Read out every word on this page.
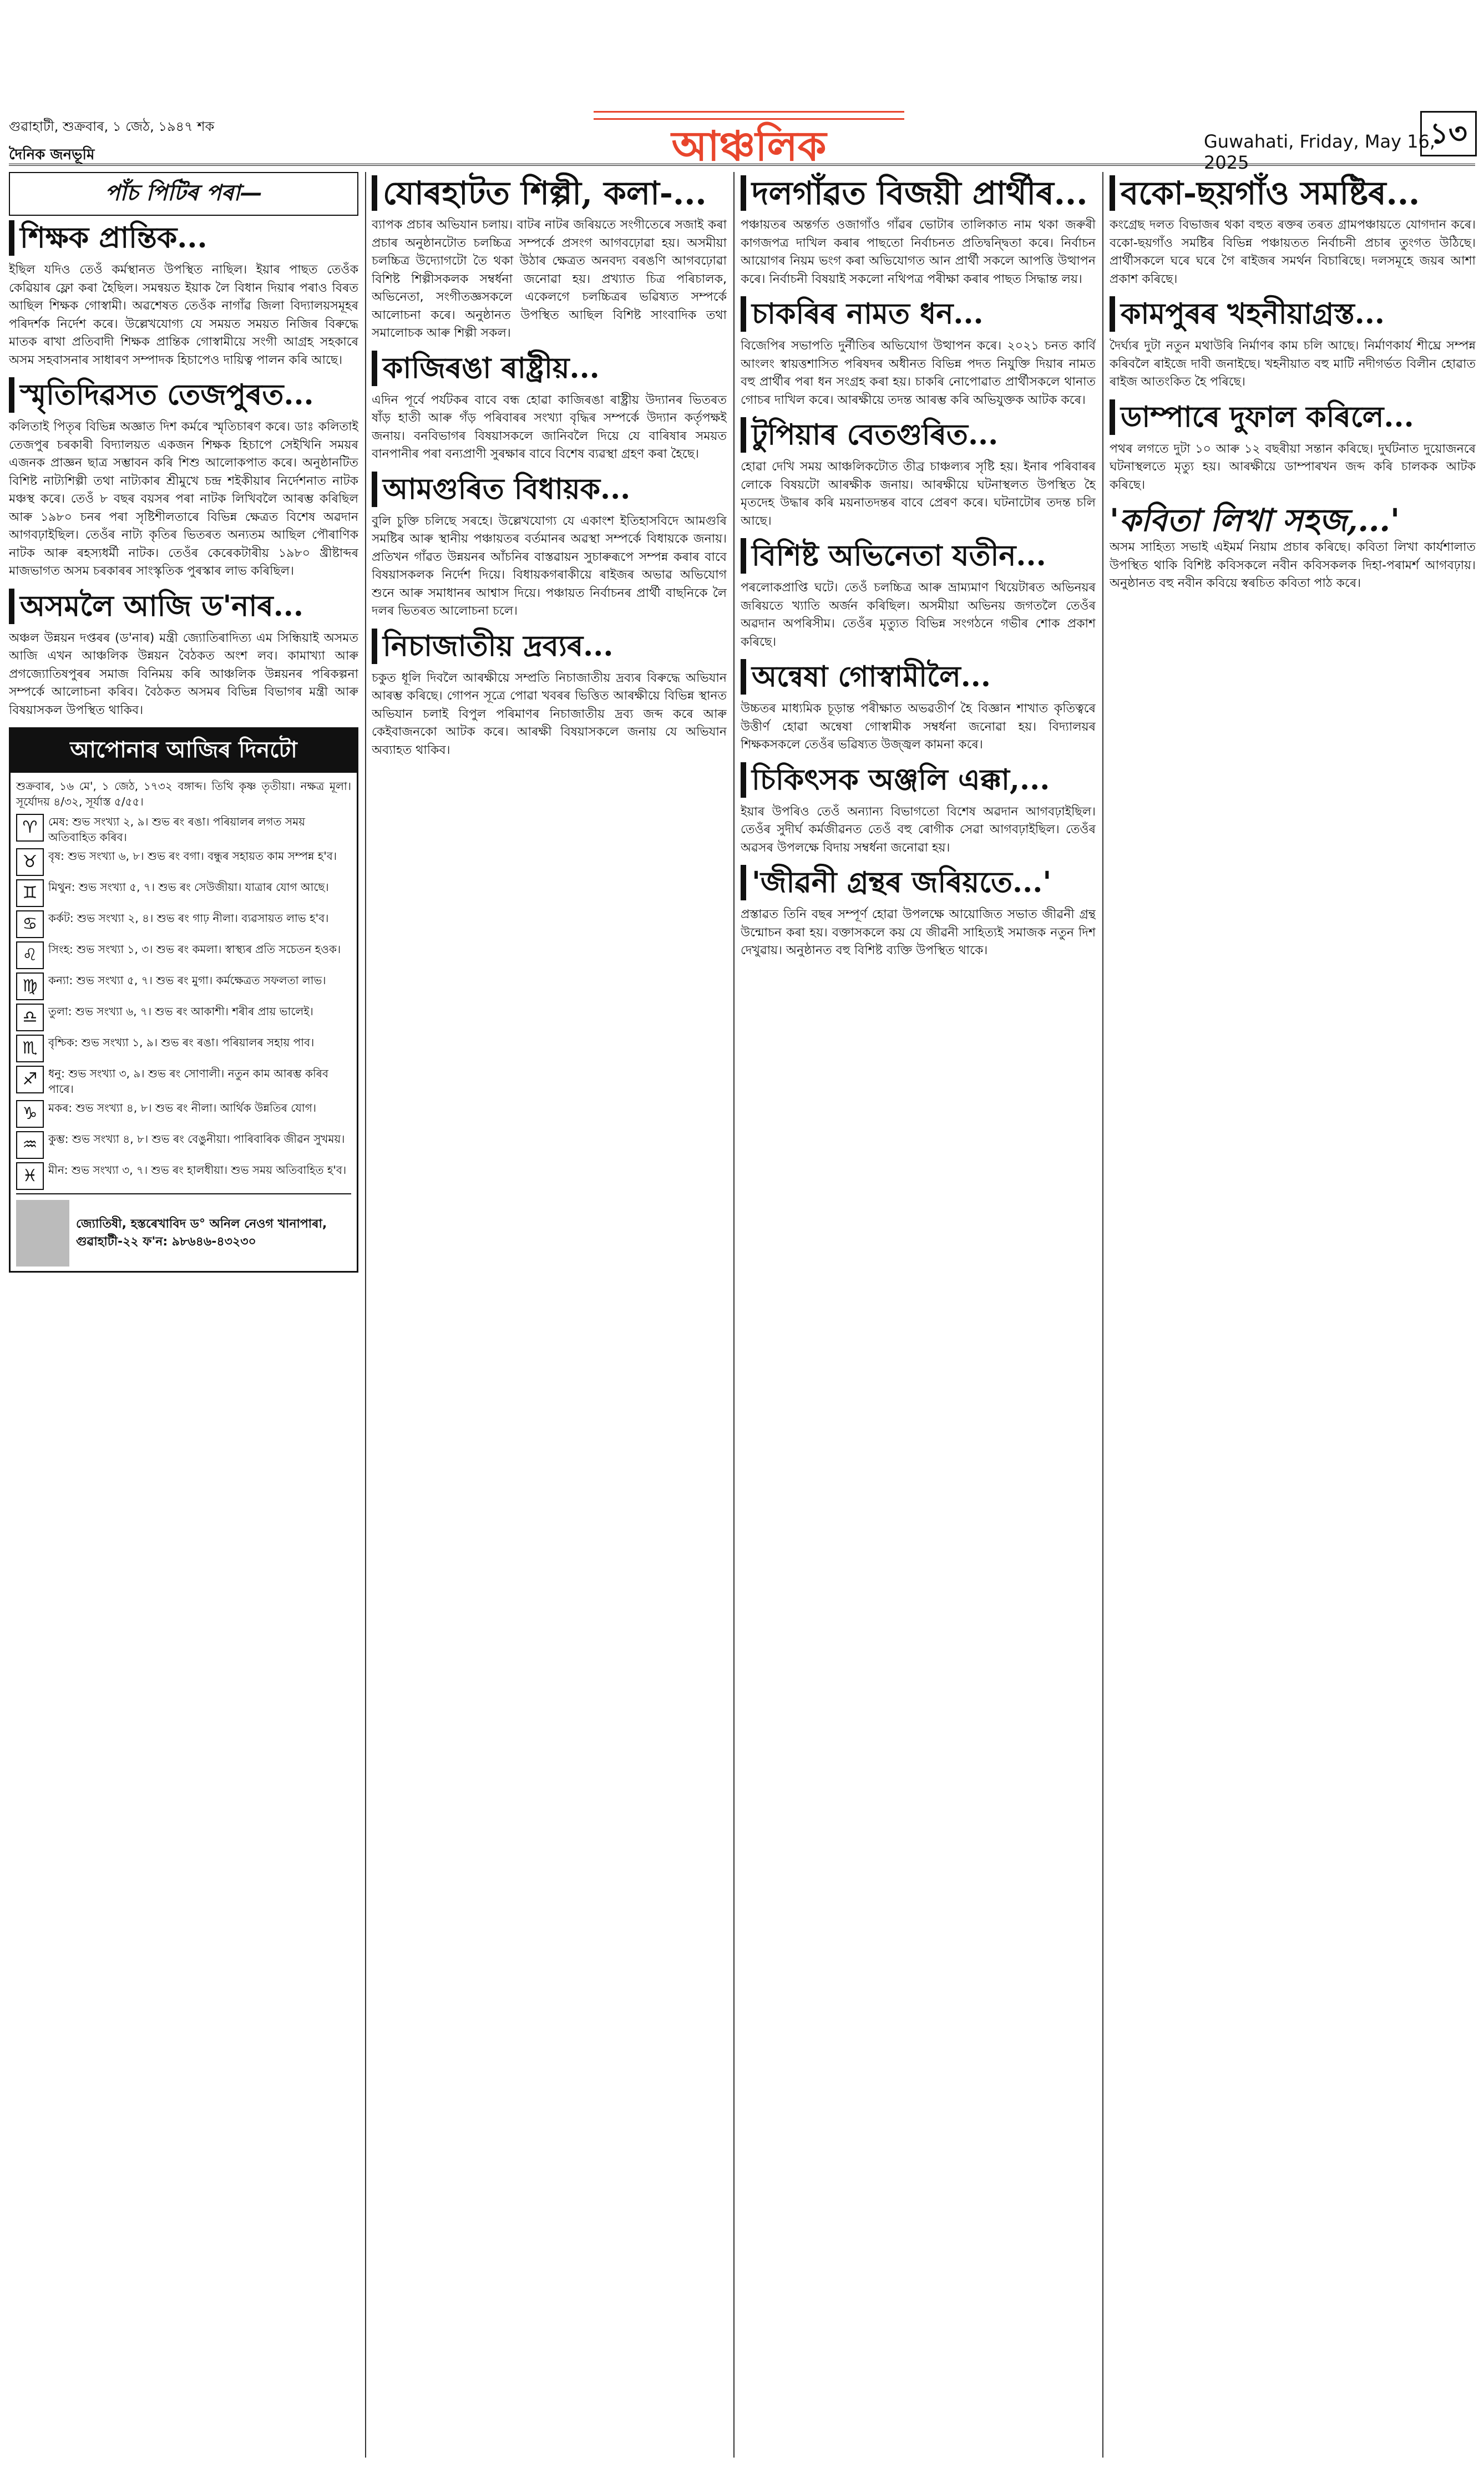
গুৱাহাটী, শুক্ৰবাৰ, ১ জেঠ, ১৯৪৭ শক
দৈনিক জনভূমি	আঞ্চলিক	Guwahati, Friday, May 16, 2025
১৩
পাঁচ পিটিৰ পৰা—
শিক্ষক প্ৰান্তিক...
ইছিল যদিও তেওঁ কৰ্মস্থানত উপস্থিত নাছিল। ইয়াৰ পাছত তেওঁক কেৱিয়াৰ ফ্লো কৰা হৈছিল। সমন্বয়ত ইয়াক লৈ বিধান দিয়াৰ পৰাও বিৰত আছিল শিক্ষক গোস্বামী। অৱশেষত তেওঁক নাগাঁৱ জিলা বিদ্যালয়সমূহৰ পৰিদৰ্শক নিৰ্দেশ কৰে। উল্লেখযোগ্য যে সময়ত সময়ত নিজিৰ বিৰুদ্ধে মাতক ৰাখা প্ৰতিবাদী শিক্ষক প্ৰান্তিক গোস্বামীয়ে সংগী আগ্ৰহ সহকাৰে অসম সহবাসনাৰ সাধাৰণ সম্পাদক হিচাপেও দায়িত্ব পালন কৰি আছে।
স্মৃতিদিৱসত তেজপুৰত...
কলিতাই পিতৃৰ বিভিন্ন অজ্ঞাত দিশ কৰ্মৰে স্মৃতিচাৰণ কৰে। ডাঃ কলিতাই তেজপুৰ চৰকাৰী বিদ্যালয়ত একজন শিক্ষক হিচাপে সেইখিনি সময়ৰ এজনক প্ৰাজ্ঞন ছাত্ৰ সম্ভাবন কৰি শিশু আলোকপাত কৰে। অনুষ্ঠানটিত বিশিষ্ট নাট্যশিল্পী তথা নাট্যকাৰ শ্ৰীমুখে চন্দ্ৰ শইকীয়াৰ নিৰ্দেশনাত নাটক মঞ্চস্থ কৰে। তেওঁ ৮ বছৰ বয়সৰ পৰা নাটক লিখিবলৈ আৰম্ভ কৰিছিল আৰু ১৯৮০ চনৰ পৰা সৃষ্টিশীলতাৰে বিভিন্ন ক্ষেত্ৰত বিশেষ অৱদান আগবঢ়াইছিল। তেওঁৰ নাট্য কৃতিৰ ভিতৰত অন্যতম আছিল পৌৰাণিক নাটক আৰু ৰহস্যধৰ্মী নাটক। তেওঁৰ কেৰেকটাৰীয় ১৯৮০ খ্ৰীষ্টাব্দৰ মাজভাগত অসম চৰকাৰৰ সাংস্কৃতিক পুৰস্কাৰ লাভ কৰিছিল।
অসমলৈ আজি ড'নাৰ...
অঞ্চল উন্নয়ন দপ্তৰৰ (ড'নাৰ) মন্ত্ৰী জ্যোতিৰাদিত্য এম সিন্ধিয়াই অসমত আজি এখন আঞ্চলিক উন্নয়ন বৈঠকত অংশ লব। কামাখ্যা আৰু প্ৰগজ্যোতিষপুৰৰ সমাজ বিনিময় কৰি আঞ্চলিক উন্নয়নৰ পৰিকল্পনা সম্পৰ্কে আলোচনা কৰিব। বৈঠকত অসমৰ বিভিন্ন বিভাগৰ মন্ত্ৰী আৰু বিষয়াসকল উপস্থিত থাকিব।
আপোনাৰ আজিৰ দিনটো
শুক্ৰবাৰ, ১৬ মে', ১ জেঠ, ১৭৩২ বঙ্গাব্দ। তিথি কৃষ্ণ তৃতীয়া। নক্ষত্ৰ মূলা। সূৰ্যোদয় ৪/৩২, সূৰ্যাস্ত ৫/৫৫।
♈ মেষ: শুভ সংখ্যা ২, ৯। শুভ ৰং ৰঙা। পৰিয়ালৰ লগত সময় অতিবাহিত কৰিব।
♉ বৃষ: শুভ সংখ্যা ৬, ৮। শুভ ৰং বগা। বন্ধুৰ সহায়ত কাম সম্পন্ন হ'ব।
♊ মিথুন: শুভ সংখ্যা ৫, ৭। শুভ ৰং সেউজীয়া। যাত্ৰাৰ যোগ আছে।
♋ কৰ্কট: শুভ সংখ্যা ২, ৪। শুভ ৰং গাঢ় নীলা। ব্যৱসায়ত লাভ হ'ব।
♌ সিংহ: শুভ সংখ্যা ১, ৩। শুভ ৰং কমলা। স্বাস্থ্যৰ প্ৰতি সচেতন হওক।
♍ কন্যা: শুভ সংখ্যা ৫, ৭। শুভ ৰং মুগা। কৰ্মক্ষেত্ৰত সফলতা লাভ।
♎ তুলা: শুভ সংখ্যা ৬, ৭। শুভ ৰং আকাশী। শৰীৰ প্ৰায় ভালেই।
♏ বৃশ্চিক: শুভ সংখ্যা ১, ৯। শুভ ৰং ৰঙা। পৰিয়ালৰ সহায় পাব।
♐ ধনু: শুভ সংখ্যা ৩, ৯। শুভ ৰং সোণালী। নতুন কাম আৰম্ভ কৰিব পাৰে।
♑ মকৰ: শুভ সংখ্যা ৪, ৮। শুভ ৰং নীলা। আৰ্থিক উন্নতিৰ যোগ।
♒ কুম্ভ: শুভ সংখ্যা ৪, ৮। শুভ ৰং বেঙুনীয়া। পাৰিবাৰিক জীৱন সুখময়।
♓ মীন: শুভ সংখ্যা ৩, ৭। শুভ ৰং হালধীয়া। শুভ সময় অতিবাহিত হ'ব।
জ্যোতিষী, হস্তৰেখাবিদ ড° অনিল নেওগ খানাপাৰা, গুৱাহাটী-২২ ফ'ন: ৯৮৬৪৬-৪৩২৩০
যোৰহাটত শিল্পী, কলা-...
ব্যাপক প্ৰচাৰ অভিযান চলায়। বাটৰ নাটৰ জৰিয়তে সংগীতেৰে সজাই কৰা প্ৰচাৰ অনুষ্ঠানটোত চলচ্চিত্ৰ সম্পৰ্কে প্ৰসংগ আগবঢ়োৱা হয়। অসমীয়া চলচ্চিত্ৰ উদ্যোগটো তৈ থকা উঠাৰ ক্ষেত্ৰত অনবদ্য বৰঙণি আগবঢ়োৱা বিশিষ্ট শিল্পীসকলক সম্বৰ্ধনা জনোৱা হয়। প্ৰখ্যাত চিত্ৰ পৰিচালক, অভিনেতা, সংগীতজ্ঞসকলে একেলগে চলচ্চিত্ৰৰ ভৱিষ্যত সম্পৰ্কে আলোচনা কৰে। অনুষ্ঠানত উপস্থিত আছিল বিশিষ্ট সাংবাদিক তথা সমালোচক আৰু শিল্পী সকল।
কাজিৰঙা ৰাষ্ট্ৰীয়...
এদিন পূৰ্বে পৰ্যটকৰ বাবে বন্ধ হোৱা কাজিৰঙা ৰাষ্ট্ৰীয় উদ্যানৰ ভিতৰত ষাঁড় হাতী আৰু গঁড় পৰিবাৰৰ সংখ্যা বৃদ্ধিৰ সম্পৰ্কে উদ্যান কৰ্তৃপক্ষই জনায়। বনবিভাগৰ বিষয়াসকলে জানিবলৈ দিয়ে যে বাৰিষাৰ সময়ত বানপানীৰ পৰা বন্যপ্ৰাণী সুৰক্ষাৰ বাবে বিশেষ ব্যৱস্থা গ্ৰহণ কৰা হৈছে।
আমগুৰিত বিধায়ক...
বুলি চুক্তি চলিছে সৰহে। উল্লেখযোগ্য যে একাংশ ইতিহাসবিদে আমগুৰি সমষ্টিৰ আৰু স্থানীয় পঞ্চায়তৰ বৰ্তমানৰ অৱস্থা সম্পৰ্কে বিধায়কে জনায়। প্ৰতিখন গাঁৱত উন্নয়নৰ আঁচনিৰ বাস্তৱায়ন সুচাৰুৰূপে সম্পন্ন কৰাৰ বাবে বিষয়াসকলক নিৰ্দেশ দিয়ে। বিধায়কগৰাকীয়ে ৰাইজৰ অভাৱ অভিযোগ শুনে আৰু সমাধানৰ আশ্বাস দিয়ে। পঞ্চায়ত নিৰ্বাচনৰ প্ৰাৰ্থী বাছনিকে লৈ দলৰ ভিতৰত আলোচনা চলে।
নিচাজাতীয় দ্ৰব্যৰ...
চকুত ধূলি দিবলৈ আৰক্ষীয়ে সম্প্ৰতি নিচাজাতীয় দ্ৰব্যৰ বিৰুদ্ধে অভিযান আৰম্ভ কৰিছে। গোপন সূত্ৰে পোৱা খবৰৰ ভিত্তিত আৰক্ষীয়ে বিভিন্ন স্থানত অভিযান চলাই বিপুল পৰিমাণৰ নিচাজাতীয় দ্ৰব্য জব্দ কৰে আৰু কেইবাজনকো আটক কৰে। আৰক্ষী বিষয়াসকলে জনায় যে অভিযান অব্যাহত থাকিব।
দলগাঁৱত বিজয়ী প্ৰাৰ্থীৰ...
পঞ্চায়তৰ অন্তৰ্গত ওজাগাঁও গাঁৱৰ ভোটাৰ তালিকাত নাম থকা জৰুৰী কাগজপত্ৰ দাখিল কৰাৰ পাছতো নিৰ্বাচনত প্ৰতিদ্বন্দ্বিতা কৰে। নিৰ্বাচন আয়োগৰ নিয়ম ভংগ কৰা অভিযোগত আন প্ৰাৰ্থী সকলে আপত্তি উত্থাপন কৰে। নিৰ্বাচনী বিষয়াই সকলো নথিপত্ৰ পৰীক্ষা কৰাৰ পাছত সিদ্ধান্ত লয়।
চাকৰিৰ নামত ধন...
বিজেপিৰ সভাপতি দুৰ্নীতিৰ অভিযোগ উত্থাপন কৰে। ২০২১ চনত কাৰ্বি আংলং স্বায়ত্তশাসিত পৰিষদৰ অধীনত বিভিন্ন পদত নিযুক্তি দিয়াৰ নামত বহু প্ৰাৰ্থীৰ পৰা ধন সংগ্ৰহ কৰা হয়। চাকৰি নোপোৱাত প্ৰাৰ্থীসকলে থানাত গোচৰ দাখিল কৰে। আৰক্ষীয়ে তদন্ত আৰম্ভ কৰি অভিযুক্তক আটক কৰে।
টুপিয়াৰ বেতগুৰিত...
হোৱা দেখি সময় আঞ্চলিকটোত তীব্ৰ চাঞ্চল্যৰ সৃষ্টি হয়। ইনাৰ পৰিবাৰৰ লোকে বিষয়টো আৰক্ষীক জনায়। আৰক্ষীয়ে ঘটনাস্থলত উপস্থিত হৈ মৃতদেহ উদ্ধাৰ কৰি ময়নাতদন্তৰ বাবে প্ৰেৰণ কৰে। ঘটনাটোৰ তদন্ত চলি আছে।
বিশিষ্ট অভিনেতা যতীন...
পৰলোকপ্ৰাপ্তি ঘটে। তেওঁ চলচ্চিত্ৰ আৰু ভ্ৰাম্যমাণ থিয়েটাৰত অভিনয়ৰ জৰিয়তে খ্যাতি অৰ্জন কৰিছিল। অসমীয়া অভিনয় জগতলৈ তেওঁৰ অৱদান অপৰিসীম। তেওঁৰ মৃত্যুত বিভিন্ন সংগঠনে গভীৰ শোক প্ৰকাশ কৰিছে।
অন্বেষা গোস্বামীলৈ...
উচ্চতৰ মাধ্যমিক চূড়ান্ত পৰীক্ষাত অভৱতীৰ্ণ হৈ বিজ্ঞান শাখাত কৃতিত্বৰে উত্তীৰ্ণ হোৱা অন্বেষা গোস্বামীক সম্বৰ্ধনা জনোৱা হয়। বিদ্যালয়ৰ শিক্ষকসকলে তেওঁৰ ভৱিষ্যত উজ্জ্বল কামনা কৰে।
চিকিৎসক অঞ্জলি এক্কা,...
ইয়াৰ উপৰিও তেওঁ অন্যান্য বিভাগতো বিশেষ অৱদান আগবঢ়াইছিল। তেওঁৰ সুদীৰ্ঘ কৰ্মজীৱনত তেওঁ বহু ৰোগীক সেৱা আগবঢ়াইছিল। তেওঁৰ অৱসৰ উপলক্ষে বিদায় সম্বৰ্ধনা জনোৱা হয়।
'জীৱনী গ্ৰন্থৰ জৰিয়তে...'
প্ৰস্তাৱত তিনি বছৰ সম্পূৰ্ণ হোৱা উপলক্ষে আয়োজিত সভাত জীৱনী গ্ৰন্থ উন্মোচন কৰা হয়। বক্তাসকলে কয় যে জীৱনী সাহিত্যই সমাজক নতুন দিশ দেখুৱায়। অনুষ্ঠানত বহু বিশিষ্ট ব্যক্তি উপস্থিত থাকে।
বকো-ছয়গাঁও সমষ্টিৰ...
কংগ্ৰেছ দলত বিভাজৰ থকা বহুত ৰক্তৰ তৰত গ্ৰামপঞ্চায়তে যোগদান কৰে। বকো-ছয়গাঁও সমষ্টিৰ বিভিন্ন পঞ্চায়তত নিৰ্বাচনী প্ৰচাৰ তুংগত উঠিছে। প্ৰাৰ্থীসকলে ঘৰে ঘৰে গৈ ৰাইজৰ সমৰ্থন বিচাৰিছে। দলসমূহে জয়ৰ আশা প্ৰকাশ কৰিছে।
কামপুৰৰ খহনীয়াগ্ৰস্ত...
দৈৰ্ঘ্যৰ দুটা নতুন মথাউৰি নিৰ্মাণৰ কাম চলি আছে। নিৰ্মাণকাৰ্য শীঘ্ৰে সম্পন্ন কৰিবলৈ ৰাইজে দাবী জনাইছে। খহনীয়াত বহু মাটি নদীগৰ্ভত বিলীন হোৱাত ৰাইজ আতংকিত হৈ পৰিছে।
ডাম্পাৰে দুফাল কৰিলে...
পথৰ লগতে দুটা ১০ আৰু ১২ বছৰীয়া সন্তান কৰিছে। দুৰ্ঘটনাত দুয়োজনৰে ঘটনাস্থলতে মৃত্যু হয়। আৰক্ষীয়ে ডাম্পাৰখন জব্দ কৰি চালকক আটক কৰিছে।
'কবিতা লিখা সহজ,...'
অসম সাহিত্য সভাই এইমৰ্ম নিয়াম প্ৰচাৰ কৰিছে। কবিতা লিখা কাৰ্যশালাত উপস্থিত থাকি বিশিষ্ট কবিসকলে নবীন কবিসকলক দিহা-পৰামৰ্শ আগবঢ়ায়। অনুষ্ঠানত বহু নবীন কবিয়ে স্বৰচিত কবিতা পাঠ কৰে।
